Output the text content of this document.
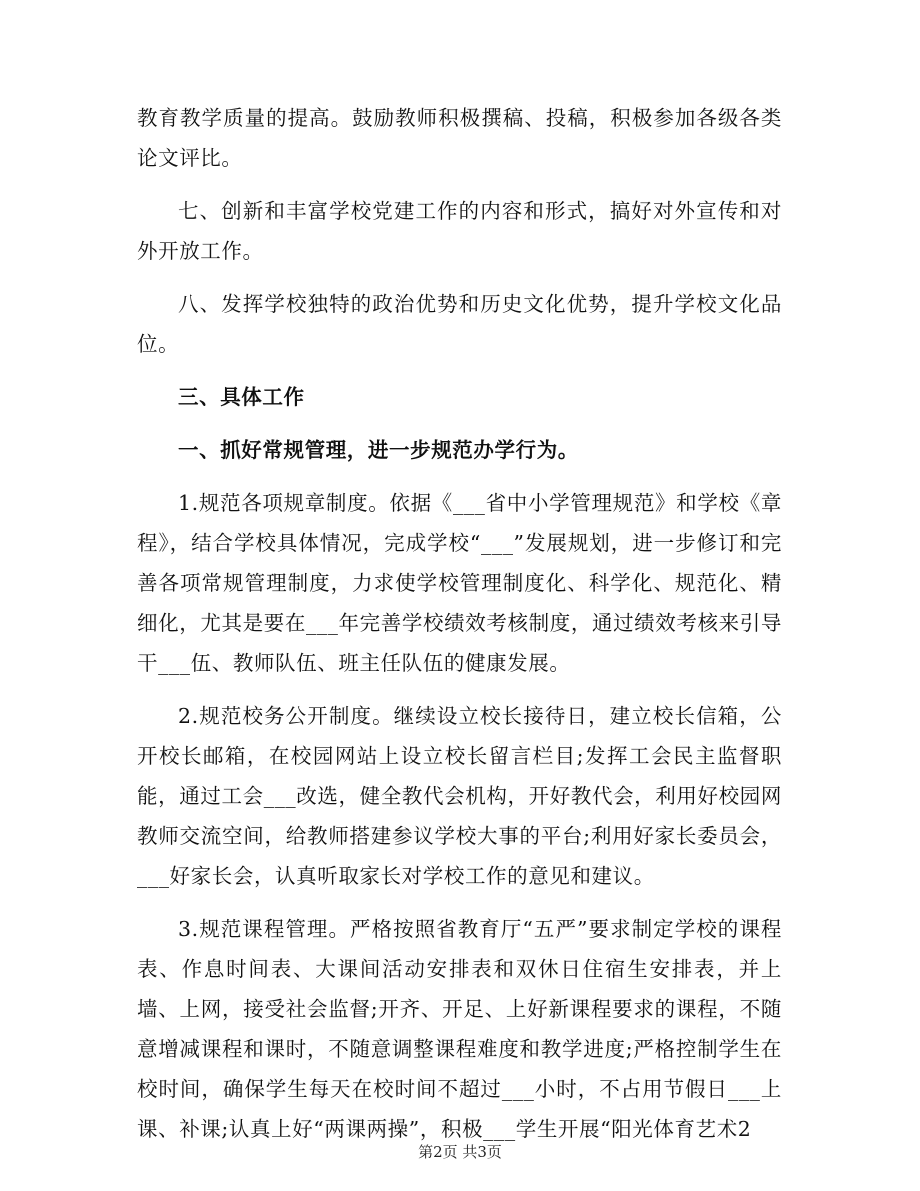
教育教学质量的提高。鼓励教师积极撰稿、投稿，积极参加各级各类论文评比。

七、创新和丰富学校党建工作的内容和形式，搞好对外宣传和对外开放工作。

八、发挥学校独特的政治优势和历史文化优势，提升学校文化品位。

三、具体工作

一、抓好常规管理，进一步规范办学行为。

1.规范各项规章制度。依据《___省中小学管理规范》和学校《章程》，结合学校具体情况，完成学校“___”发展规划，进一步修订和完善各项常规管理制度，力求使学校管理制度化、科学化、规范化、精细化，尤其是要在___年完善学校绩效考核制度，通过绩效考核来引导干___伍、教师队伍、班主任队伍的健康发展。

2.规范校务公开制度。继续设立校长接待日，建立校长信箱，公开校长邮箱，在校园网站上设立校长留言栏目;发挥工会民主监督职能，通过工会___改选，健全教代会机构，开好教代会，利用好校园网教师交流空间，给教师搭建参议学校大事的平台;利用好家长委员会，___好家长会，认真听取家长对学校工作的意见和建议。

3.规范课程管理。严格按照省教育厅“五严”要求制定学校的课程表、作息时间表、大课间活动安排表和双休日住宿生安排表，并上墙、上网，接受社会监督;开齐、开足、上好新课程要求的课程，不随意增减课程和课时，不随意调整课程难度和教学进度;严格控制学生在校时间，确保学生每天在校时间不超过___小时，不占用节假日___上课、补课;认真上好“两课两操”，积极___学生开展“阳光体育艺术2

第2页 共3页
